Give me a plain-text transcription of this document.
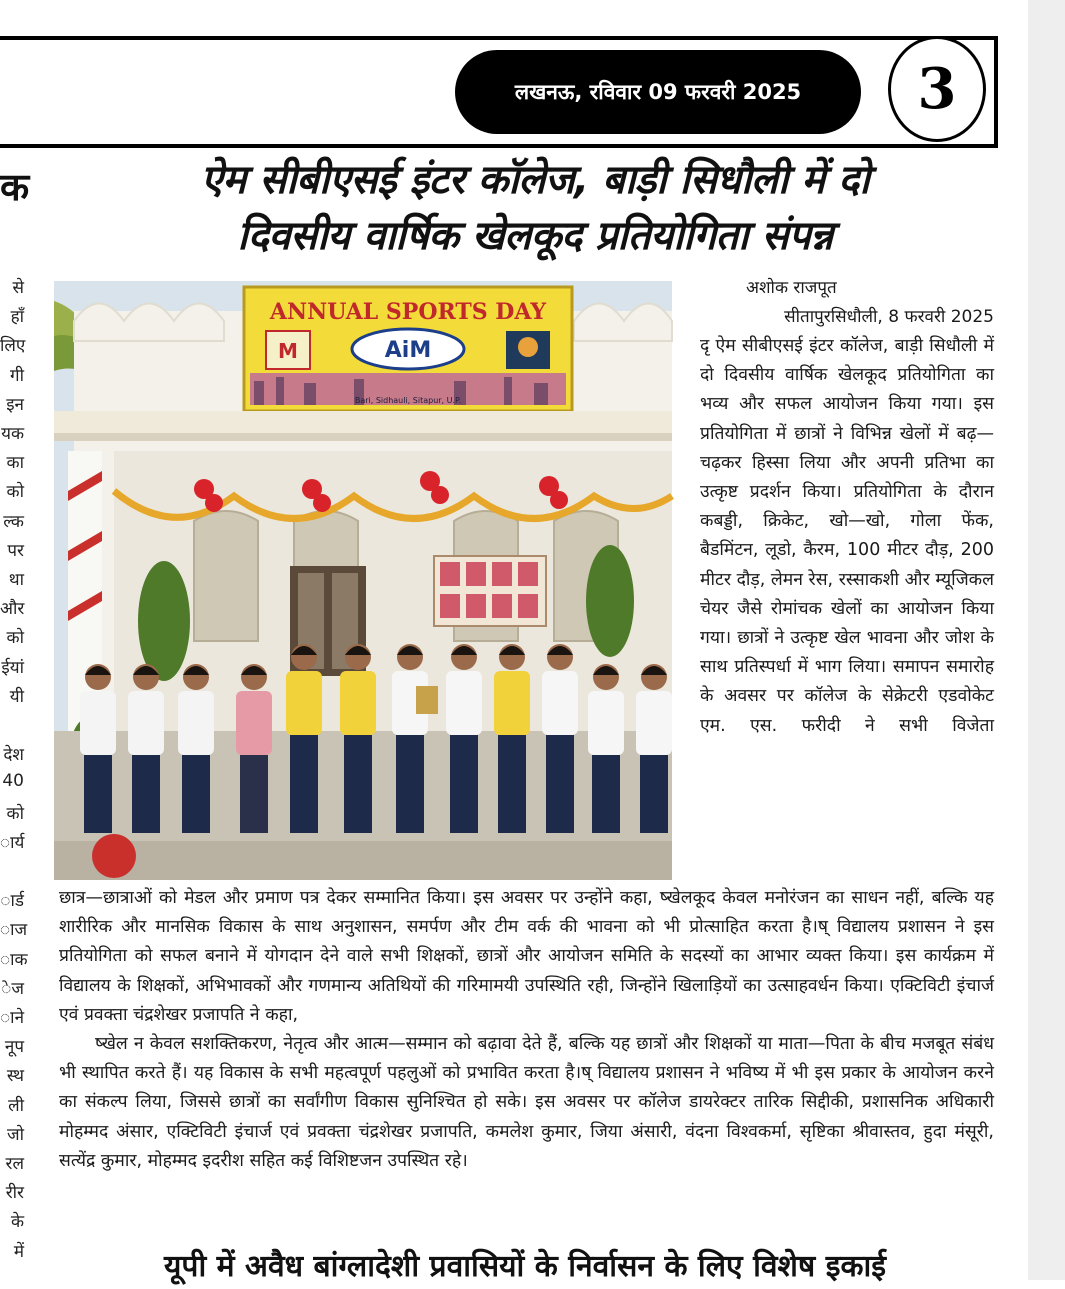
लखनऊ, रविवार 09 फरवरी 2025	3
क	ऐम सीबीएसई इंटर कॉलेज, बाड़ी सिधौली में दो
दिवसीय वार्षिक खेलकूद प्रतियोगिता संपन्न
से
हाँ
लिए
गी
इन
यक
का
को
ल्क
पर
था
और
को
ईयां
यी
देश
40
को
ार्य
ार्ड
ाज
ाक
ेज
ाने
नूप
स्थ
ली
जो
रल
रीर
के
में
ANNUAL SPORTS DAY
M	AiM
Bari, Sidhauli, Sitapur, U.P.

अशोक राजपूत

सीतापुरसिधौली, 8 फरवरी 2025

दृ ऐम सीबीएसई इंटर कॉलेज, बाड़ी सिधौली में दो दिवसीय वार्षिक खेलकूद प्रतियोगिता का भव्य और सफल आयोजन किया गया। इस प्रतियोगिता में छात्रों ने विभिन्न खेलों में बढ़—चढ़कर हिस्सा लिया और अपनी प्रतिभा का उत्कृष्ट प्रदर्शन किया। प्रतियोगिता के दौरान कबड्डी, क्रिकेट, खो—खो, गोला फेंक, बैडमिंटन, लूडो, कैरम, 100 मीटर दौड़, 200 मीटर दौड़, लेमन रेस, रस्साकशी और म्यूजिकल चेयर जैसे रोमांचक खेलों का आयोजन किया गया। छात्रों ने उत्कृष्ट खेल भावना और जोश के साथ प्रतिस्पर्धा में भाग लिया। समापन समारोह के अवसर पर कॉलेज के सेक्रेटरी एडवोकेट एम. एस. फरीदी ने सभी विजेता

छात्र—छात्राओं को मेडल और प्रमाण पत्र देकर सम्मानित किया। इस अवसर पर उन्होंने कहा, ष्खेलकूद केवल मनोरंजन का साधन नहीं, बल्कि यह शारीरिक और मानसिक विकास के साथ अनुशासन, समर्पण और टीम वर्क की भावना को भी प्रोत्साहित करता है।ष् विद्यालय प्रशासन ने इस प्रतियोगिता को सफल बनाने में योगदान देने वाले सभी शिक्षकों, छात्रों और आयोजन समिति के सदस्यों का आभार व्यक्त किया। इस कार्यक्रम में विद्यालय के शिक्षकों, अभिभावकों और गणमान्य अतिथियों की गरिमामयी उपस्थिति रही, जिन्होंने खिलाड़ियों का उत्साहवर्धन किया। एक्टिविटी इंचार्ज एवं प्रवक्ता चंद्रशेखर प्रजापति ने कहा,

ष्खेल न केवल सशक्तिकरण, नेतृत्व और आत्म—सम्मान को बढ़ावा देते हैं, बल्कि यह छात्रों और शिक्षकों या माता—पिता के बीच मजबूत संबंध भी स्थापित करते हैं। यह विकास के सभी महत्वपूर्ण पहलुओं को प्रभावित करता है।ष् विद्यालय प्रशासन ने भविष्य में भी इस प्रकार के आयोजन करने का संकल्प लिया, जिससे छात्रों का सर्वांगीण विकास सुनिश्चित हो सके। इस अवसर पर कॉलेज डायरेक्टर तारिक सिद्दीकी, प्रशासनिक अधिकारी मोहम्मद अंसार, एक्टिविटी इंचार्ज एवं प्रवक्ता चंद्रशेखर प्रजापति, कमलेश कुमार, जिया अंसारी, वंदना विश्वकर्मा, सृष्टिका श्रीवास्तव, हुदा मंसूरी, सत्येंद्र कुमार, मोहम्मद इदरीश सहित कई विशिष्टजन उपस्थित रहे।

यूपी में अवैध बांग्लादेशी प्रवासियों के निर्वासन के लिए विशेष इकाई
